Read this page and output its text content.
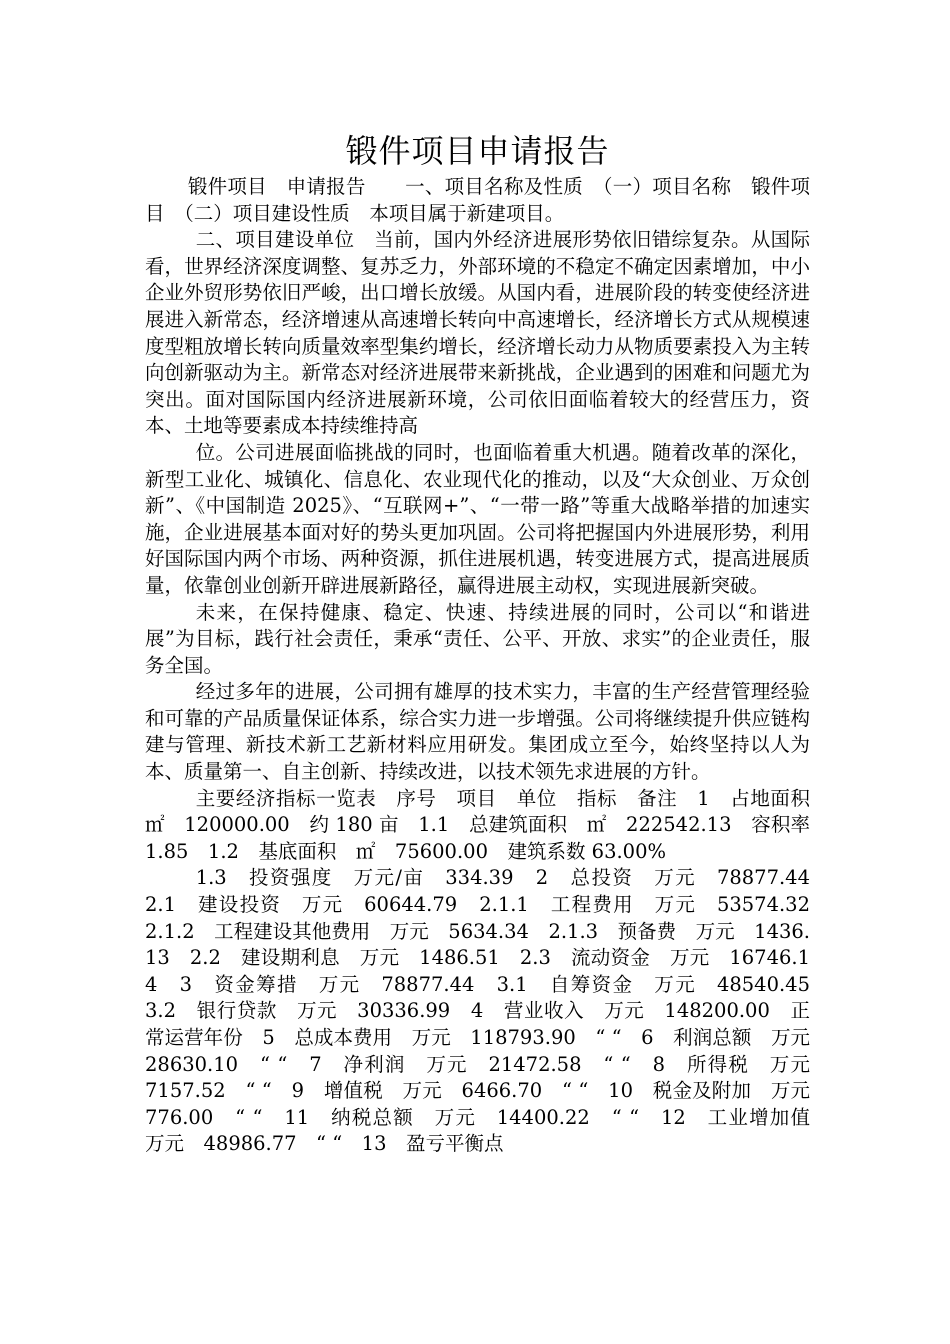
锻件项目申请报告

锻件项目　申请报告　　一、项目名称及性质　（一）项目名称　锻件项目　（二）项目建设性质　本项目属于新建项目。

二、项目建设单位　当前，国内外经济进展形势依旧错综复杂。从国际看，世界经济深度调整、复苏乏力，外部环境的不稳定不确定因素增加，中小企业外贸形势依旧严峻，出口增长放缓。从国内看，进展阶段的转变使经济进展进入新常态，经济增速从高速增长转向中高速增长，经济增长方式从规模速度型粗放增长转向质量效率型集约增长，经济增长动力从物质要素投入为主转向创新驱动为主。新常态对经济进展带来新挑战，企业遇到的困难和问题尤为突出。面对国际国内经济进展新环境，公司依旧面临着较大的经营压力，资本、土地等要素成本持续维持高

位。公司进展面临挑战的同时，也面临着重大机遇。随着改革的深化，新型工业化、城镇化、信息化、农业现代化的推动，以及“大众创业、万众创新”、《中国制造 2025》、“互联网+”、“一带一路”等重大战略举措的加速实施，企业进展基本面对好的势头更加巩固。公司将把握国内外进展形势，利用好国际国内两个市场、两种资源，抓住进展机遇，转变进展方式，提高进展质量，依靠创业创新开辟进展新路径，赢得进展主动权，实现进展新突破。

未来，在保持健康、稳定、快速、持续进展的同时，公司以“和谐进展”为目标，践行社会责任，秉承“责任、公平、开放、求实”的企业责任，服务全国。

经过多年的进展，公司拥有雄厚的技术实力，丰富的生产经营管理经验和可靠的产品质量保证体系，综合实力进一步增强。公司将继续提升供应链构建与管理、新技术新工艺新材料应用研发。集团成立至今，始终坚持以人为本、质量第一、自主创新、持续改进，以技术领先求进展的方针。

主要经济指标一览表　序号　项目　单位　指标　备注　1　占地面积　㎡　120000.00　约 180 亩　1.1　总建筑面积　㎡　222542.13　容积率 1.85　1.2　基底面积　㎡　75600.00　建筑系数 63.00%

1.3　投资强度　万元/亩　334.39　2　总投资　万元　78877.44　2.1　建设投资　万元　60644.79　2.1.1　工程费用　万元　53574.32　2.1.2　工程建设其他费用　万元　5634.34　2.1.3　预备费　万元　1436.13　2.2　建设期利息　万元　1486.51　2.3　流动资金　万元　16746.14　3　资金筹措　万元　78877.44　3.1　自筹资金　万元　48540.45　3.2　银行贷款　万元　30336.99　4　营业收入　万元　148200.00　正常运营年份　5　总成本费用　万元　118793.90　“ “　6　利润总额　万元　28630.10　“ “　7　净利润　万元　21472.58　“ “　8　所得税　万元　7157.52　“ “　9　增值税　万元　6466.70　“ “　10　税金及附加　万元　776.00　“ “　11　纳税总额　万元　14400.22　“ “　12　工业增加值　万元　48986.77　“ “　13　盈亏平衡点
